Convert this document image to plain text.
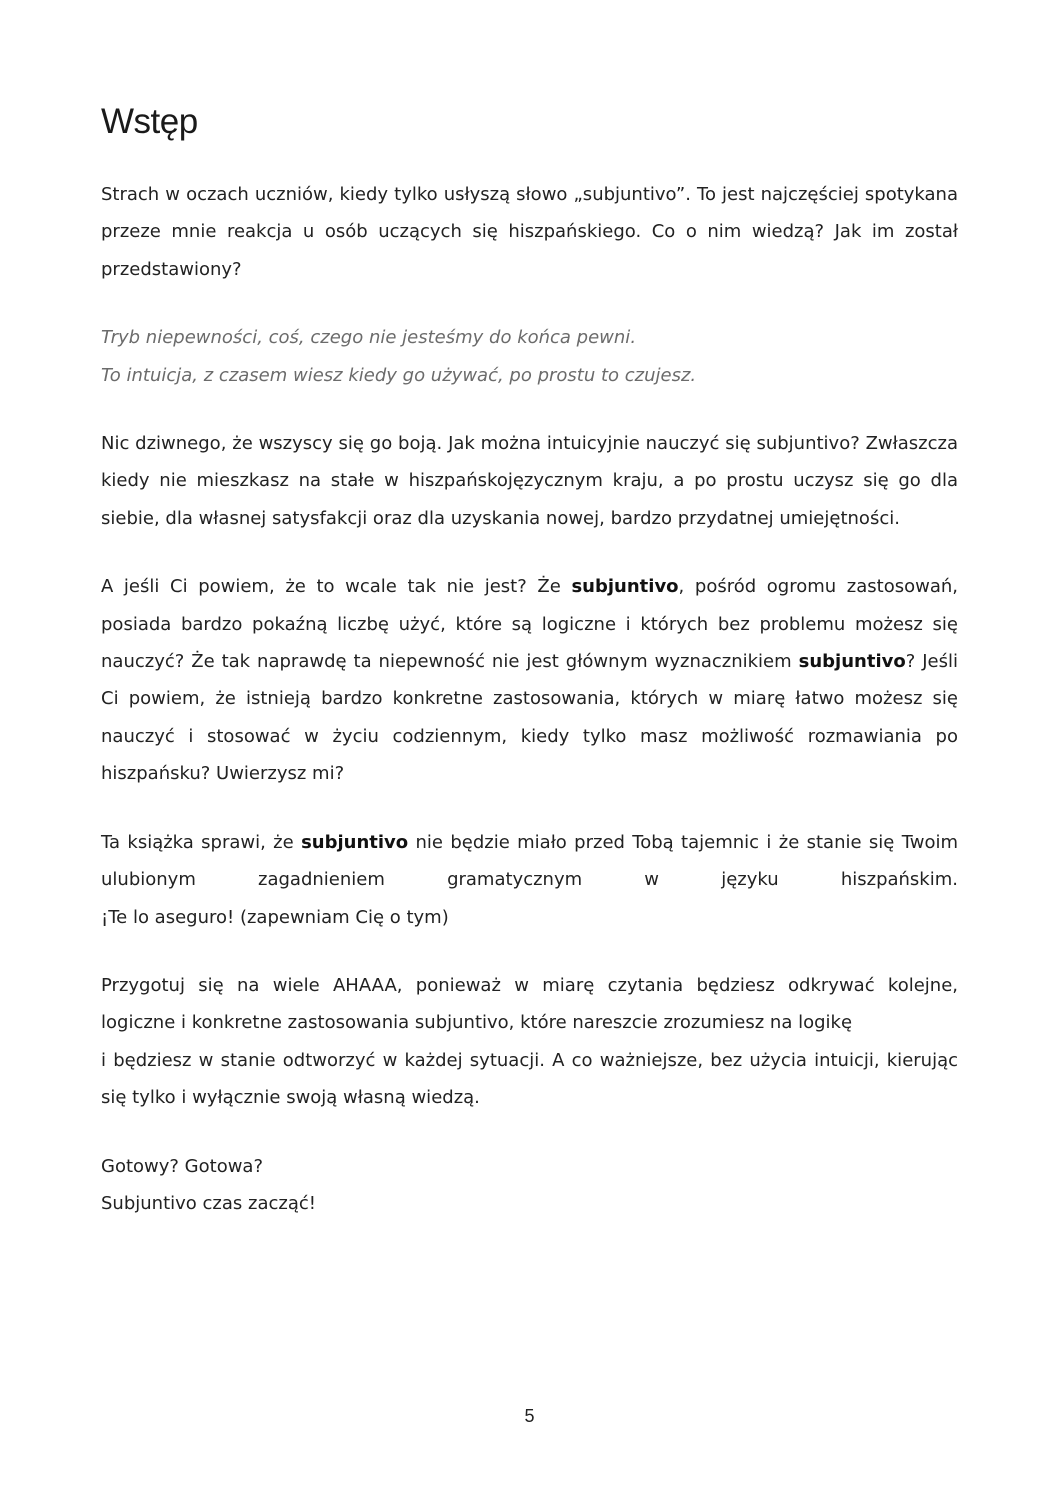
Wstęp

Strach w oczach uczniów, kiedy tylko usłyszą słowo „subjuntivo”. To jest najczęściej spotykana przeze mnie reakcja u osób uczących się hiszpańskiego. Co o nim wiedzą? Jak im został przedstawiony?

Tryb niepewności, coś, czego nie jesteśmy do końca pewni.
To intuicja, z czasem wiesz kiedy go używać, po prostu to czujesz.

Nic dziwnego, że wszyscy się go boją. Jak można intuicyjnie nauczyć się subjuntivo? Zwłaszcza kiedy nie mieszkasz na stałe w hiszpańskojęzycznym kraju, a po prostu uczysz się go dla siebie, dla własnej satysfakcji oraz dla uzyskania nowej, bardzo przydatnej umiejętności.

A jeśli Ci powiem, że to wcale tak nie jest? Że subjuntivo, pośród ogromu zastosowań, posiada bardzo pokaźną liczbę użyć, które są logiczne i których bez problemu możesz się nauczyć? Że tak naprawdę ta niepewność nie jest głównym wyznacznikiem subjuntivo? Jeśli Ci powiem, że istnieją bardzo konkretne zastosowania, których w miarę łatwo możesz się nauczyć i stosować w życiu codziennym, kiedy tylko masz możliwość rozmawiania po hiszpańsku? Uwierzysz mi?

Ta książka sprawi, że subjuntivo nie będzie miało przed Tobą tajemnic i że stanie się Twoim ulubionym zagadnieniem gramatycznym w języku hiszpańskim.
¡Te lo aseguro! (zapewniam Cię o tym)

Przygotuj się na wiele AHAAA, ponieważ w miarę czytania będziesz odkrywać kolejne,
logiczne i konkretne zastosowania subjuntivo, które nareszcie zrozumiesz na logikę
i będziesz w stanie odtworzyć w każdej sytuacji. A co ważniejsze, bez użycia intuicji, kierując się tylko i wyłącznie swoją własną wiedzą.

Gotowy? Gotowa?
Subjuntivo czas zacząć!

5
